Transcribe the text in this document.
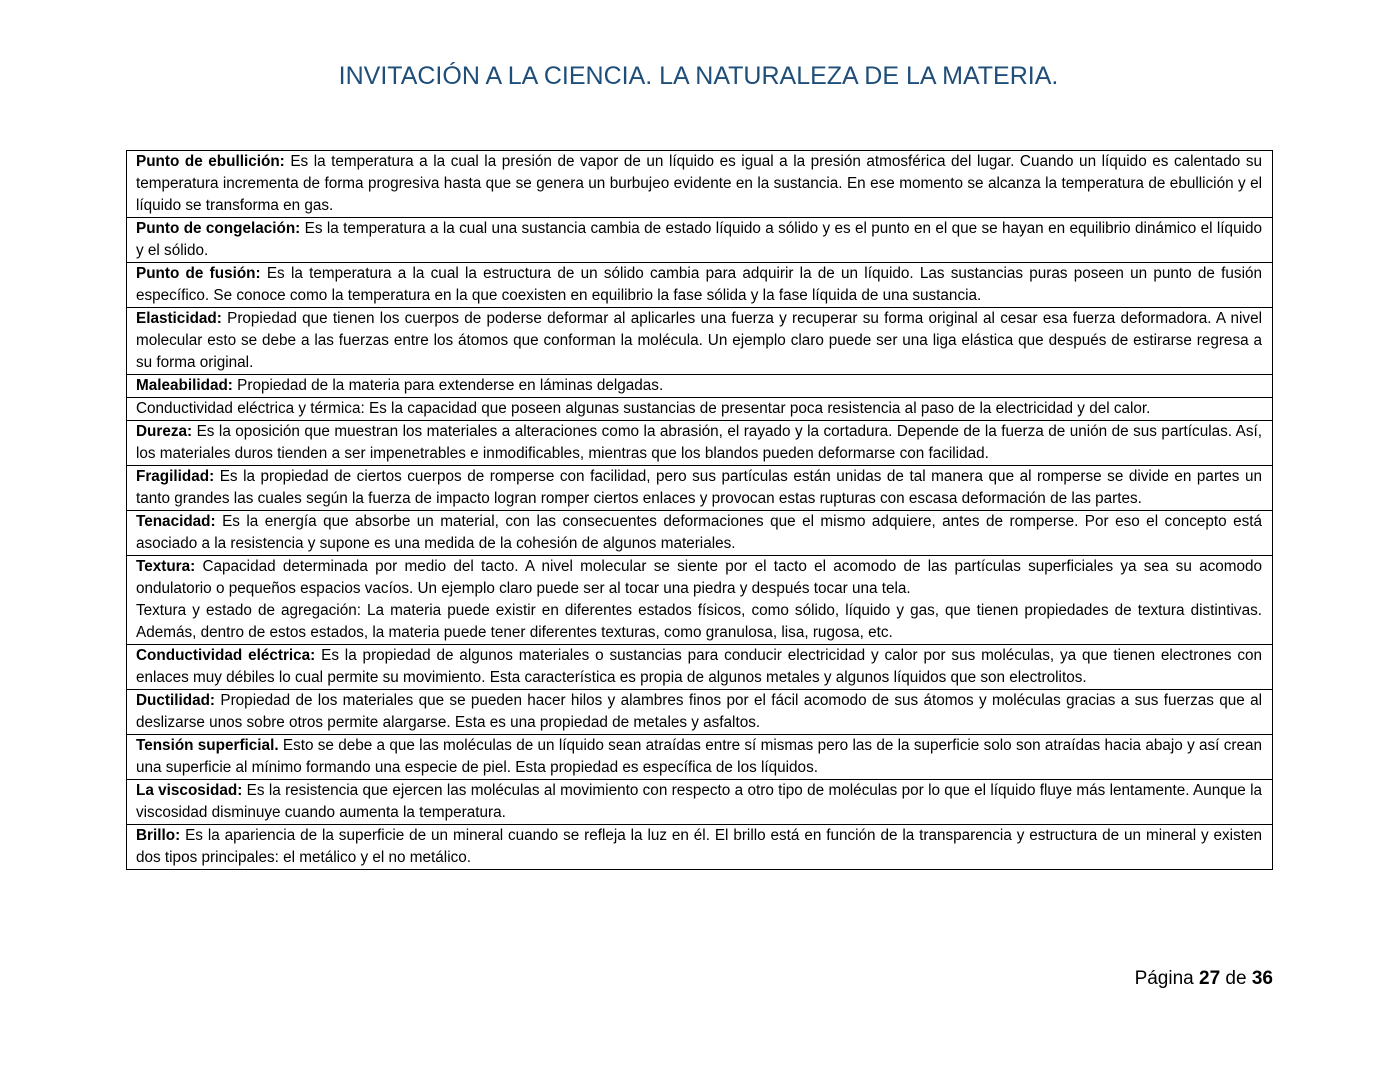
INVITACIÓN A LA CIENCIA. LA NATURALEZA DE LA MATERIA.
Punto de ebullición: Es la temperatura a la cual la presión de vapor de un líquido es igual a la presión atmosférica del lugar. Cuando un líquido es calentado su temperatura incrementa de forma progresiva hasta que se genera un burbujeo evidente en la sustancia. En ese momento se alcanza la temperatura de ebullición y el líquido se transforma en gas.
Punto de congelación: Es la temperatura a la cual una sustancia cambia de estado líquido a sólido y es el punto en el que se hayan en equilibrio dinámico el líquido y el sólido.
Punto de fusión: Es la temperatura a la cual la estructura de un sólido cambia para adquirir la de un líquido. Las sustancias puras poseen un punto de fusión específico. Se conoce como la temperatura en la que coexisten en equilibrio la fase sólida y la fase líquida de una sustancia.
Elasticidad: Propiedad que tienen los cuerpos de poderse deformar al aplicarles una fuerza y recuperar su forma original al cesar esa fuerza deformadora. A nivel molecular esto se debe a las fuerzas entre los átomos que conforman la molécula. Un ejemplo claro puede ser una liga elástica que después de estirarse regresa a su forma original.
Maleabilidad: Propiedad de la materia para extenderse en láminas delgadas.
Conductividad eléctrica y térmica: Es la capacidad que poseen algunas sustancias de presentar poca resistencia al paso de la electricidad y del calor.
Dureza: Es la oposición que muestran los materiales a alteraciones como la abrasión, el rayado y la cortadura. Depende de la fuerza de unión de sus partículas. Así, los materiales duros tienden a ser impenetrables e inmodificables, mientras que los blandos pueden deformarse con facilidad.
Fragilidad: Es la propiedad de ciertos cuerpos de romperse con facilidad, pero sus partículas están unidas de tal manera que al romperse se divide en partes un tanto grandes las cuales según la fuerza de impacto logran romper ciertos enlaces y provocan estas rupturas con escasa deformación de las partes.
Tenacidad: Es la energía que absorbe un material, con las consecuentes deformaciones que el mismo adquiere, antes de romperse. Por eso el concepto está asociado a la resistencia y supone es una medida de la cohesión de algunos materiales.
Textura: Capacidad determinada por medio del tacto. A nivel molecular se siente por el tacto el acomodo de las partículas superficiales ya sea su acomodo ondulatorio o pequeños espacios vacíos. Un ejemplo claro puede ser al tocar una piedra y después tocar una tela.
Textura y estado de agregación: La materia puede existir en diferentes estados físicos, como sólido, líquido y gas, que tienen propiedades de textura distintivas. Además, dentro de estos estados, la materia puede tener diferentes texturas, como granulosa, lisa, rugosa, etc.

Conductividad eléctrica: Es la propiedad de algunos materiales o sustancias para conducir electricidad y calor por sus moléculas, ya que tienen electrones con enlaces muy débiles lo cual permite su movimiento. Esta característica es propia de algunos metales y algunos líquidos que son electrolitos.
Ductilidad: Propiedad de los materiales que se pueden hacer hilos y alambres finos por el fácil acomodo de sus átomos y moléculas gracias a sus fuerzas que al deslizarse unos sobre otros permite alargarse. Esta es una propiedad de metales y asfaltos.
Tensión superficial. Esto se debe a que las moléculas de un líquido sean atraídas entre sí mismas pero las de la superficie solo son atraídas hacia abajo y así crean una superficie al mínimo formando una especie de piel. Esta propiedad es específica de los líquidos.
La viscosidad: Es la resistencia que ejercen las moléculas al movimiento con respecto a otro tipo de moléculas por lo que el líquido fluye más lentamente. Aunque la viscosidad disminuye cuando aumenta la temperatura.
Brillo: Es la apariencia de la superficie de un mineral cuando se refleja la luz en él. El brillo está en función de la transparencia y estructura de un mineral y existen dos tipos principales: el metálico y el no metálico.
Página 27 de 36
